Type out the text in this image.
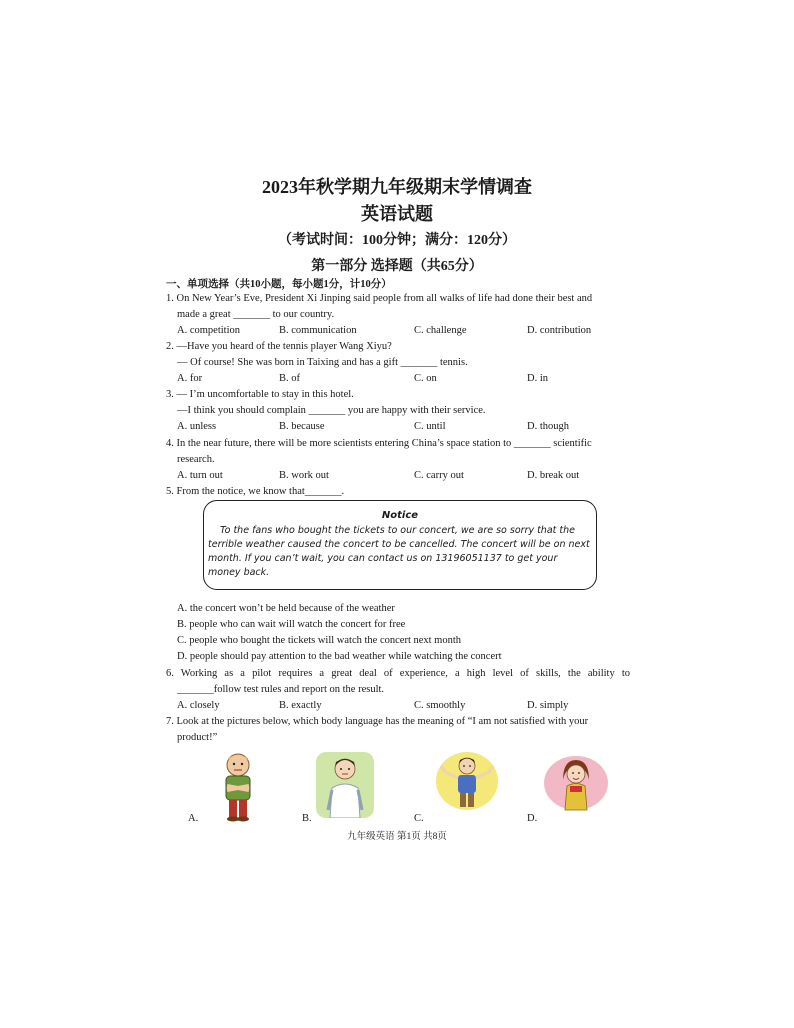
2023年秋学期九年级期末学情调查
英语试题
（考试时间：100分钟；满分：120分）
第一部分 选择题（共65分）
一、单项选择（共10小题，每小题1分，计10分）
1. On New Year’s Eve, President Xi Jinping said people from all walks of life had done their best and
made a great _______ to our country.
A. competition	B. communication	C. challenge	D. contribution
2. —Have you heard of the tennis player Wang Xiyu?
— Of course! She was born in Taixing and has a gift _______ tennis.
A. for	B. of	C. on	D. in
3. — I’m uncomfortable to stay in this hotel.
—I think you should complain _______ you are happy with their service.
A. unless	B. because	C. until	D. though
4. In the near future, there will be more scientists entering China’s space station to _______ scientific
research.
A. turn out	B. work out	C. carry out	D. break out
5. From the notice, we know that_______.
Notice
To the fans who bought the tickets to our concert, we are so sorry that the terrible weather caused the concert to be cancelled. The concert will be on next month. If you can’t wait, you can contact us on 13196051137 to get your money back.
A. the concert won’t be held because of the weather
B. people who can wait will watch the concert for free
C. people who bought the tickets will watch the concert next month
D. people should pay attention to the bad weather while watching the concert
6. Working as a pilot requires a great deal of experience, a high level of skills, the ability to
_______follow test rules and report on the result.
A. closely	B. exactly	C. smoothly	D. simply
7. Look at the pictures below, which body language has the meaning of “I am not satisfied with your
product!”
A.	B.	C.	D.
九年级英语 第1页 共8页
